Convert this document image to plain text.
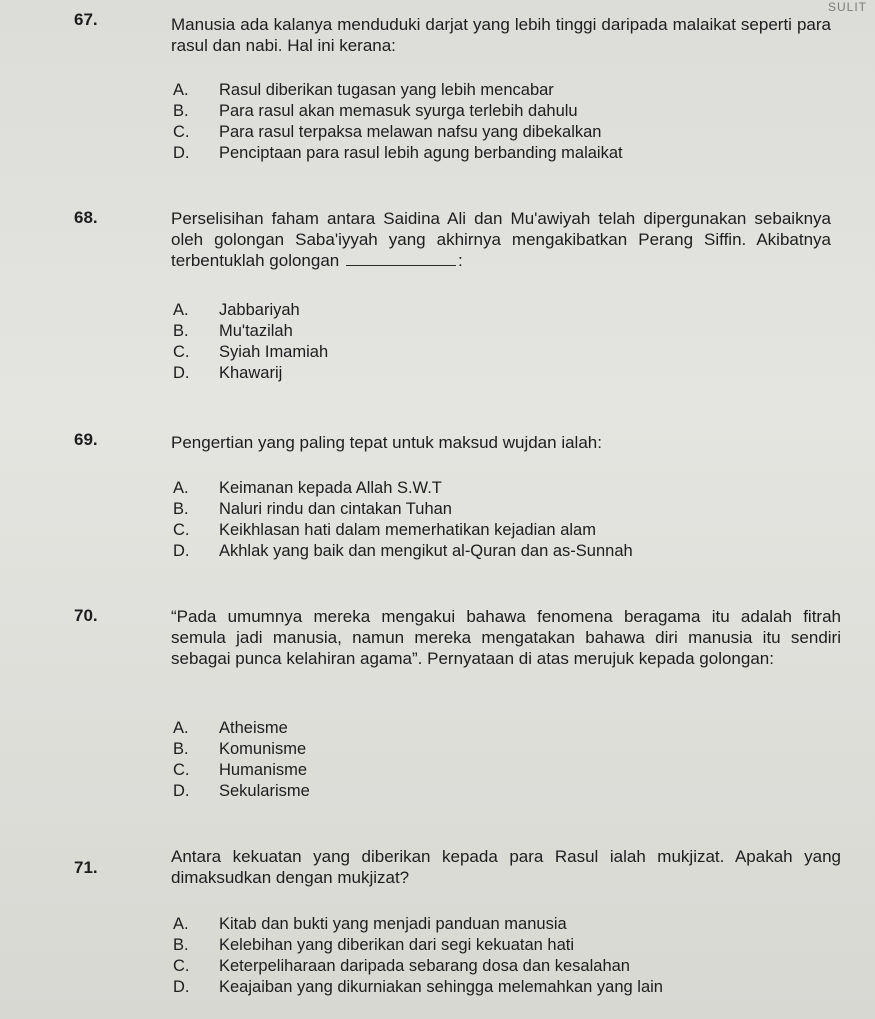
SULIT
67.	Manusia ada kalanya menduduki darjat yang lebih tinggi daripada malaikat seperti para rasul dan nabi. Hal ini kerana:
A.	Rasul diberikan tugasan yang lebih mencabar
B.	Para rasul akan memasuk syurga terlebih dahulu
C.	Para rasul terpaksa melawan nafsu yang dibekalkan
D.	Penciptaan para rasul lebih agung berbanding malaikat
68.	Perselisihan faham antara Saidina Ali dan Mu'awiyah telah dipergunakan sebaiknya oleh golongan Saba'iyyah yang akhirnya mengakibatkan Perang Siffin. Akibatnya terbentuklah golongan	:
A.	Jabbariyah
B.	Mu'tazilah
C.	Syiah Imamiah
D.	Khawarij
69.	Pengertian yang paling tepat untuk maksud wujdan ialah:
A.	Keimanan kepada Allah S.W.T
B.	Naluri rindu dan cintakan Tuhan
C.	Keikhlasan hati dalam memerhatikan kejadian alam
D.	Akhlak yang baik dan mengikut al-Quran dan as-Sunnah
70.	“Pada umumnya mereka mengakui bahawa fenomena beragama itu adalah fitrah semula jadi manusia, namun mereka mengatakan bahawa diri manusia itu sendiri sebagai punca kelahiran agama”. Pernyataan di atas merujuk kepada golongan:
A.	Atheisme
B.	Komunisme
C.	Humanisme
D.	Sekularisme
71.
Antara kekuatan yang diberikan kepada para Rasul ialah mukjizat. Apakah yang dimaksudkan dengan mukjizat?
A.	Kitab dan bukti yang menjadi panduan manusia
B.	Kelebihan yang diberikan dari segi kekuatan hati
C.	Keterpeliharaan daripada sebarang dosa dan kesalahan
D.	Keajaiban yang dikurniakan sehingga melemahkan yang lain
